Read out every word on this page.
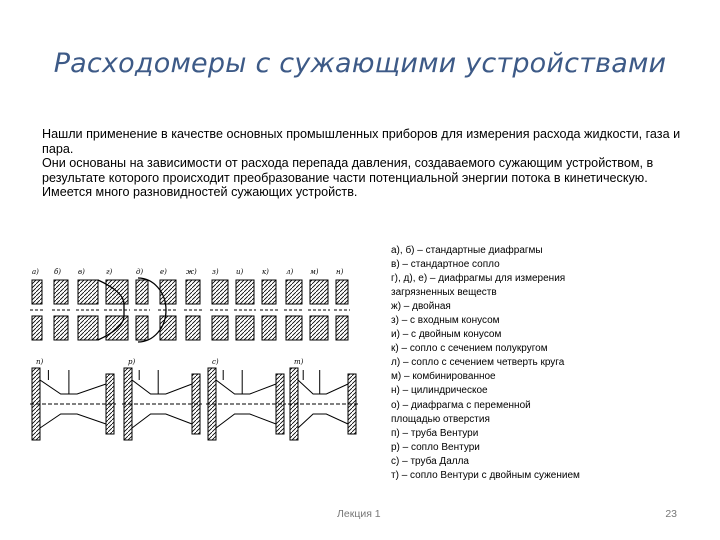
Расходомеры с сужающими устройствами

Нашли применение в качестве основных промышленных приборов для измерения расхода жидкости, газа и пара.

Они основаны на зависимости от расхода перепада давления, создаваемого сужающим устройством, в результате которого происходит преобразование части потенциальной энергии потока в кинетическую.

Имеется много разновидностей сужающих устройств.

а) б) в)	г)	д) е)	ж) з) и)	к) л) м) н)
п)	р)	с)	т)
а), б) – стандартные диафрагмы
в) – стандартное сопло
г), д), е) – диафрагмы для измерения
загрязненных веществ
ж) – двойная
з) – с входным конусом
и) – с двойным конусом
к) – сопло с сечением полукругом
л) – сопло с сечением четверть круга
м) – комбинированное
н) – цилиндрическое
о) – диафрагма с переменной
площадью отверстия
п) – труба Вентури
р) – сопло Вентури
с) – труба Далла
т) – сопло Вентури с двойным сужением
Лекция 1	23
